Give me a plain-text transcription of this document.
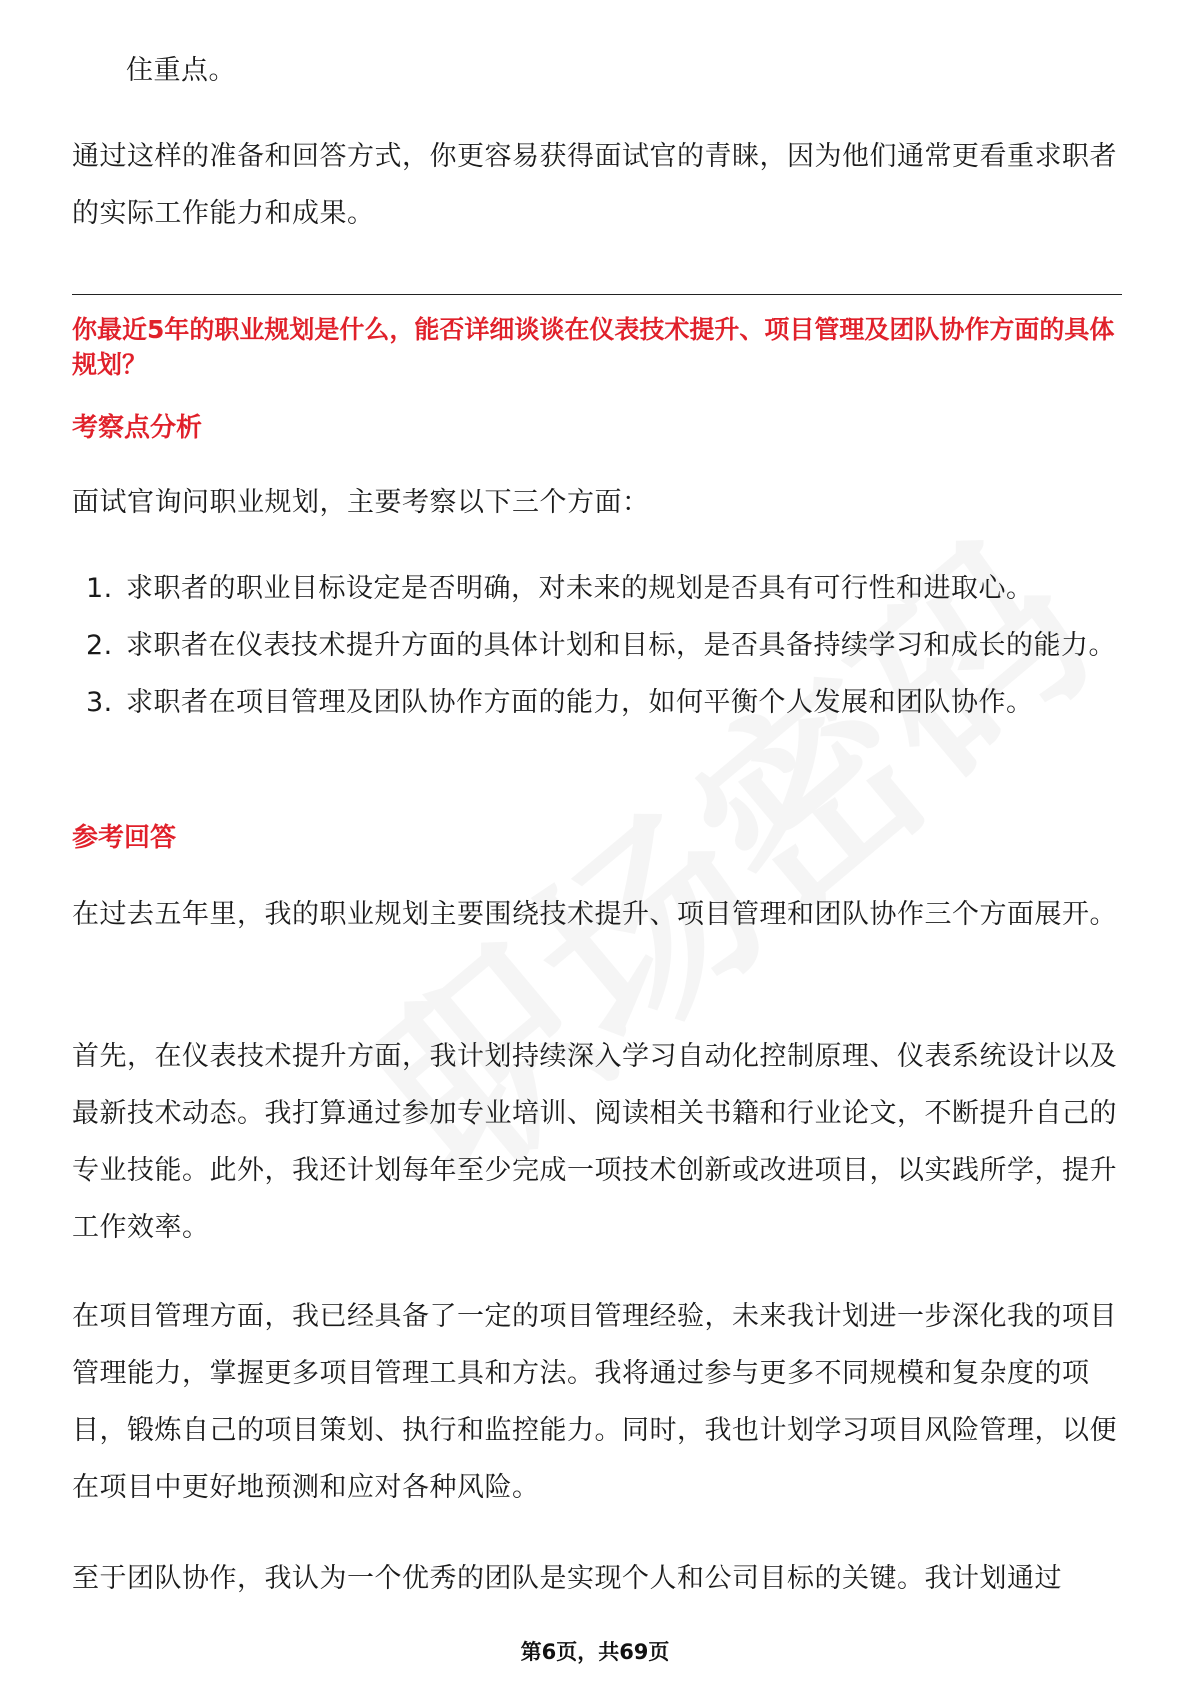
住重点。

通过这样的准备和回答方式，你更容易获得面试官的青睐，因为他们通常更看重求职者的实际工作能力和成果。

你最近5年的职业规划是什么，能否详细谈谈在仪表技术提升、项目管理及团队协作方面的具体规划？

考察点分析

面试官询问职业规划，主要考察以下三个方面：

1. 求职者的职业目标设定是否明确，对未来的规划是否具有可行性和进取心。
2. 求职者在仪表技术提升方面的具体计划和目标，是否具备持续学习和成长的能力。
3. 求职者在项目管理及团队协作方面的能力，如何平衡个人发展和团队协作。

参考回答

在过去五年里，我的职业规划主要围绕技术提升、项目管理和团队协作三个方面展开。

首先，在仪表技术提升方面，我计划持续深入学习自动化控制原理、仪表系统设计以及最新技术动态。我打算通过参加专业培训、阅读相关书籍和行业论文，不断提升自己的专业技能。此外，我还计划每年至少完成一项技术创新或改进项目，以实践所学，提升工作效率。

在项目管理方面，我已经具备了一定的项目管理经验，未来我计划进一步深化我的项目管理能力，掌握更多项目管理工具和方法。我将通过参与更多不同规模和复杂度的项目，锻炼自己的项目策划、执行和监控能力。同时，我也计划学习项目风险管理，以便在项目中更好地预测和应对各种风险。

至于团队协作，我认为一个优秀的团队是实现个人和公司目标的关键。我计划通过

第6页，共69页
